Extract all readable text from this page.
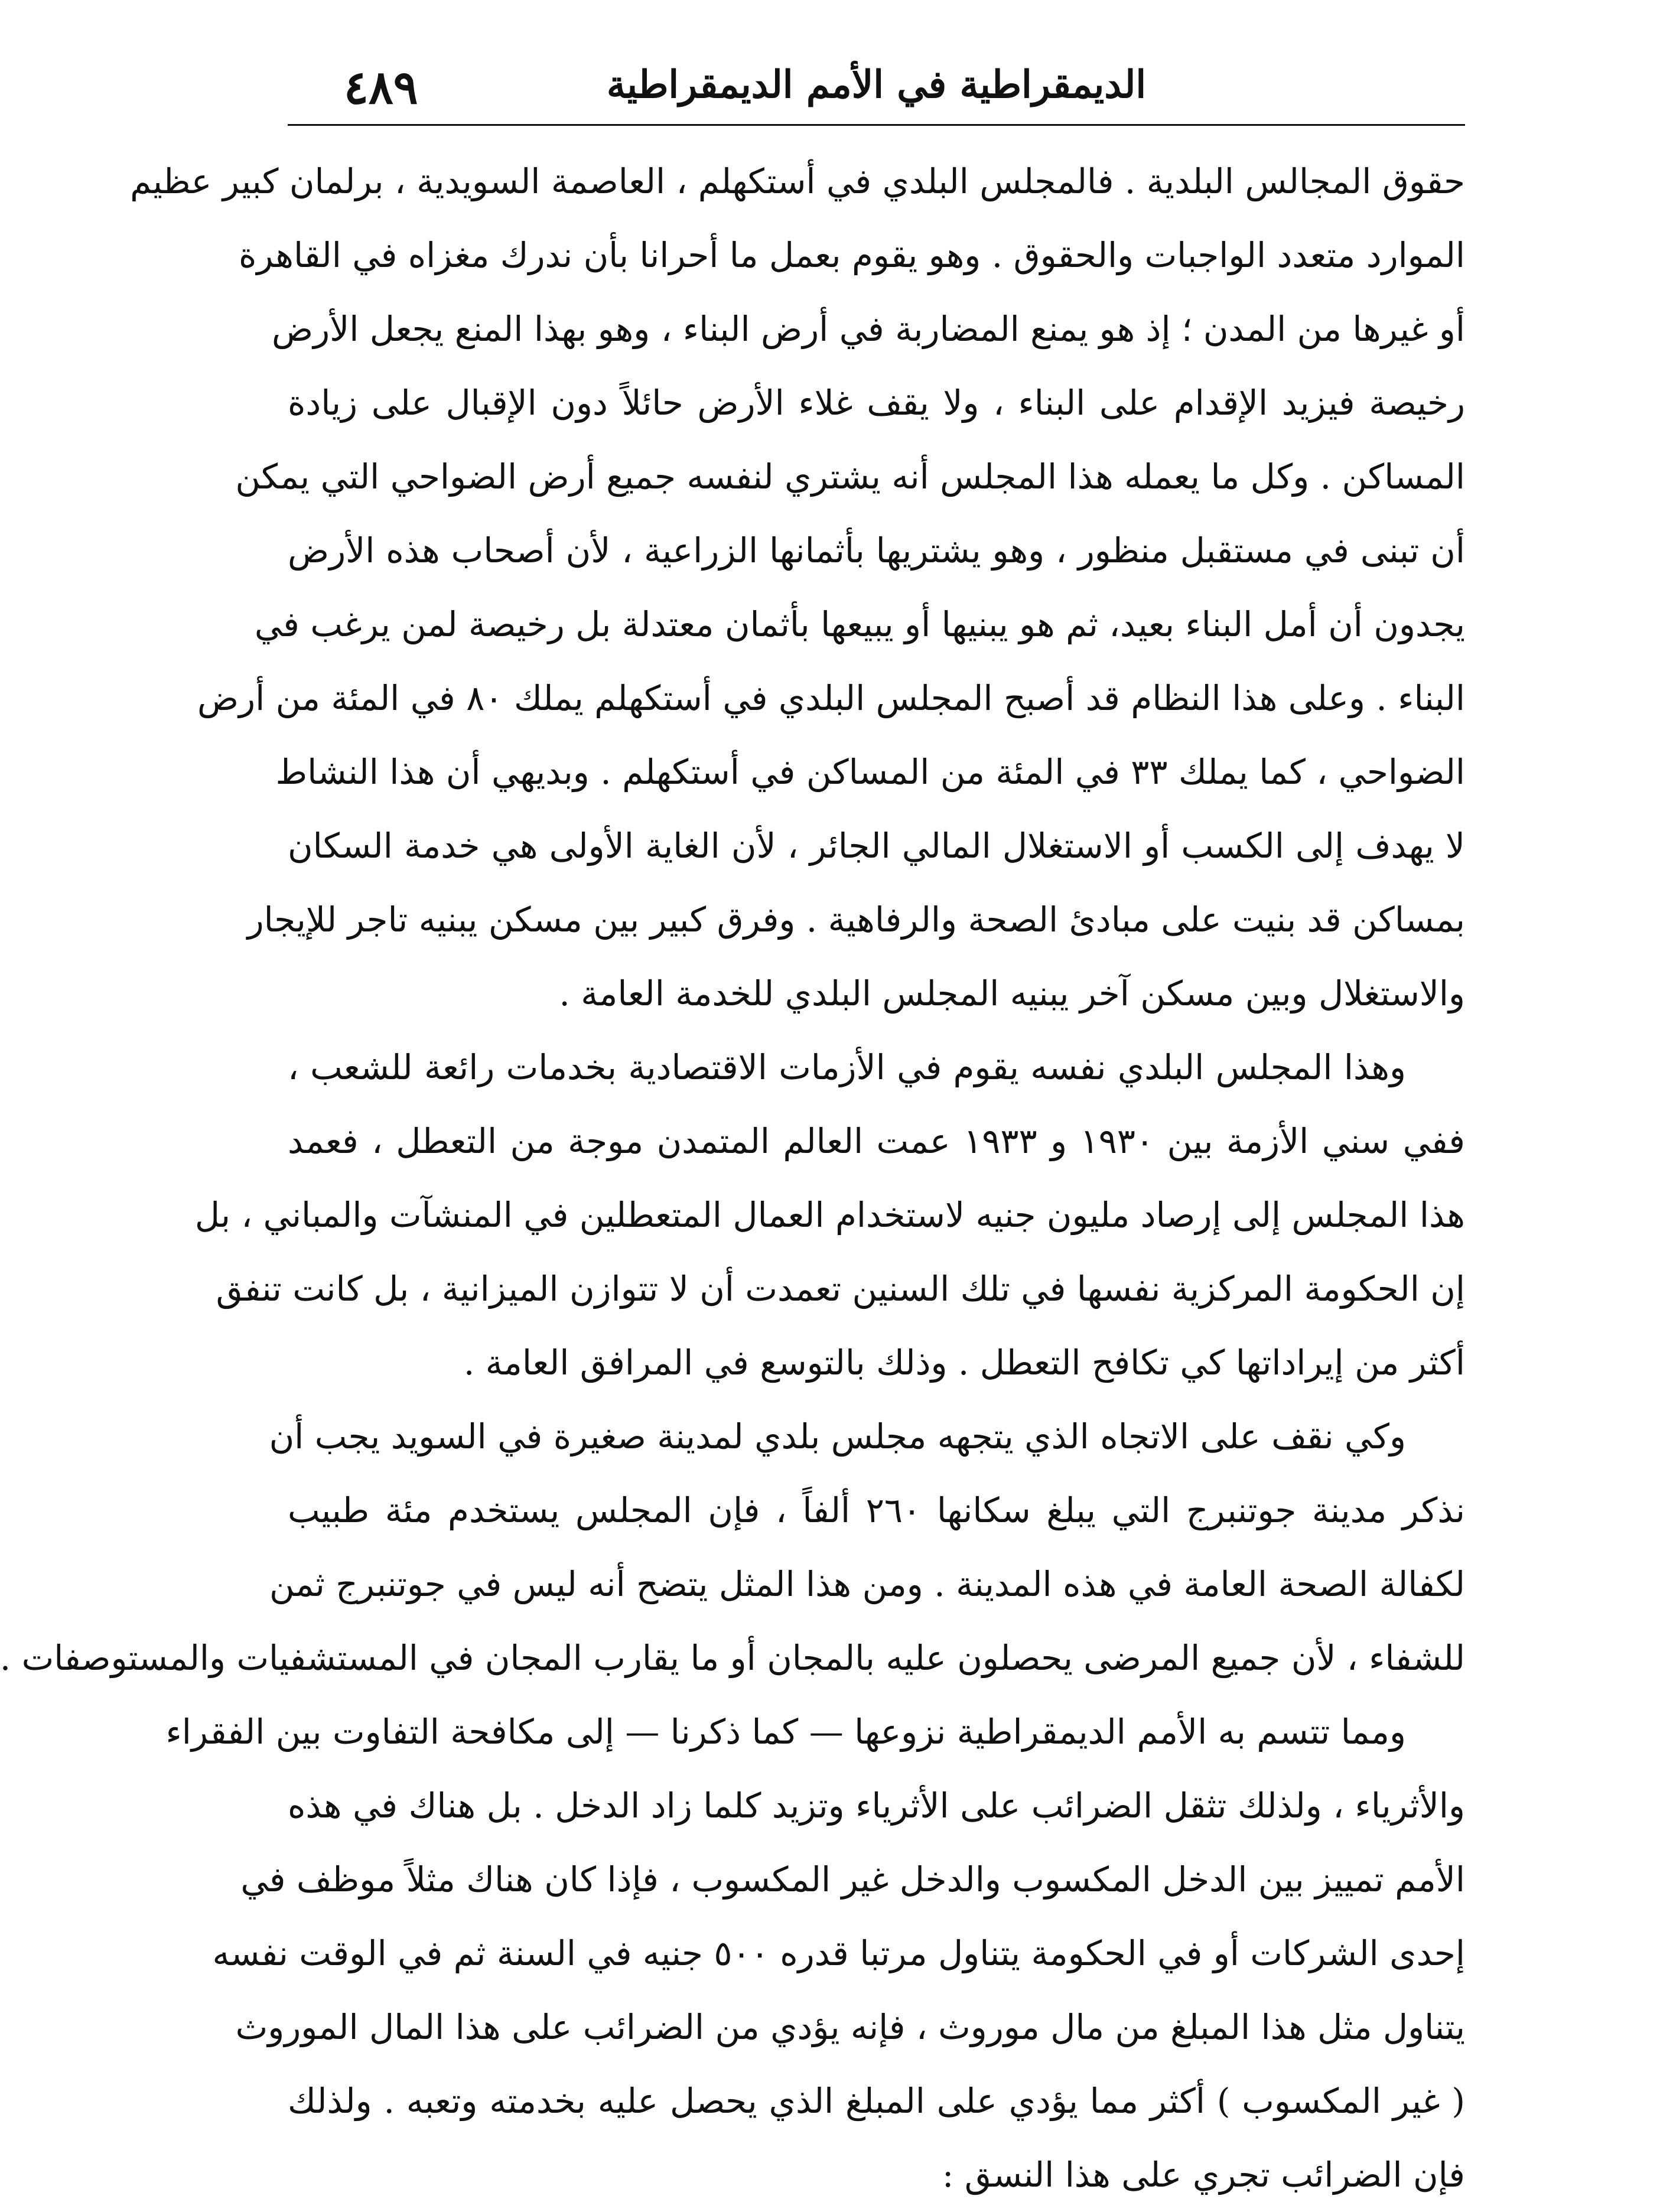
الديمقراطية في الأمم الديمقراطية
٤٨٩
حقوق المجالس البلدية . فالمجلس البلدي في أستكهلم ، العاصمة السويدية ، برلمان كبير عظيم
الموارد متعدد الواجبات والحقوق . وهو يقوم بعمل ما أحرانا بأن ندرك مغزاه في القاهرة
أو غيرها من المدن ؛ إذ هو يمنع المضاربة في أرض البناء ، وهو بهذا المنع يجعل الأرض
رخيصة فيزيد الإقدام على البناء ، ولا يقف غلاء الأرض حائلاً دون الإقبال على زيادة
المساكن . وكل ما يعمله هذا المجلس أنه يشتري لنفسه جميع أرض الضواحي التي يمكن
أن تبنى في مستقبل منظور ، وهو يشتريها بأثمانها الزراعية ، لأن أصحاب هذه الأرض
يجدون أن أمل البناء بعيد، ثم هو يبنيها أو يبيعها بأثمان معتدلة بل رخيصة لمن يرغب في
البناء . وعلى هذا النظام قد أصبح المجلس البلدي في أستكهلم يملك ٨٠ في المئة من أرض
الضواحي ، كما يملك ٣٣ في المئة من المساكن في أستكهلم . وبديهي أن هذا النشاط
لا يهدف إلى الكسب أو الاستغلال المالي الجائر ، لأن الغاية الأولى هي خدمة السكان
بمساكن قد بنيت على مبادئ الصحة والرفاهية . وفرق كبير بين مسكن يبنيه تاجر للإيجار
والاستغلال وبين مسكن آخر يبنيه المجلس البلدي للخدمة العامة .
وهذا المجلس البلدي نفسه يقوم في الأزمات الاقتصادية بخدمات رائعة للشعب ،
ففي سني الأزمة بين ١٩٣٠ و ١٩٣٣ عمت العالم المتمدن موجة من التعطل ، فعمد
هذا المجلس إلى إرصاد مليون جنيه لاستخدام العمال المتعطلين في المنشآت والمباني ، بل
إن الحكومة المركزية نفسها في تلك السنين تعمدت أن لا تتوازن الميزانية ، بل كانت تنفق
أكثر من إيراداتها كي تكافح التعطل . وذلك بالتوسع في المرافق العامة .
وكي نقف على الاتجاه الذي يتجهه مجلس بلدي لمدينة صغيرة في السويد يجب أن
نذكر مدينة جوتنبرج التي يبلغ سكانها ٢٦٠ ألفاً ، فإن المجلس يستخدم مئة طبيب
لكفالة الصحة العامة في هذه المدينة . ومن هذا المثل يتضح أنه ليس في جوتنبرج ثمن
للشفاء ، لأن جميع المرضى يحصلون عليه بالمجان أو ما يقارب المجان في المستشفيات والمستوصفات .
ومما تتسم به الأمم الديمقراطية نزوعها — كما ذكرنا — إلى مكافحة التفاوت بين الفقراء
والأثرياء ، ولذلك تثقل الضرائب على الأثرياء وتزيد كلما زاد الدخل . بل هناك في هذه
الأمم تمييز بين الدخل المكسوب والدخل غير المكسوب ، فإذا كان هناك مثلاً موظف في
إحدى الشركات أو في الحكومة يتناول مرتبا قدره ٥٠٠ جنيه في السنة ثم في الوقت نفسه
يتناول مثل هذا المبلغ من مال موروث ، فإنه يؤدي من الضرائب على هذا المال الموروث
( غير المكسوب ) أكثر مما يؤدي على المبلغ الذي يحصل عليه بخدمته وتعبه . ولذلك
فإن الضرائب تجري على هذا النسق :
